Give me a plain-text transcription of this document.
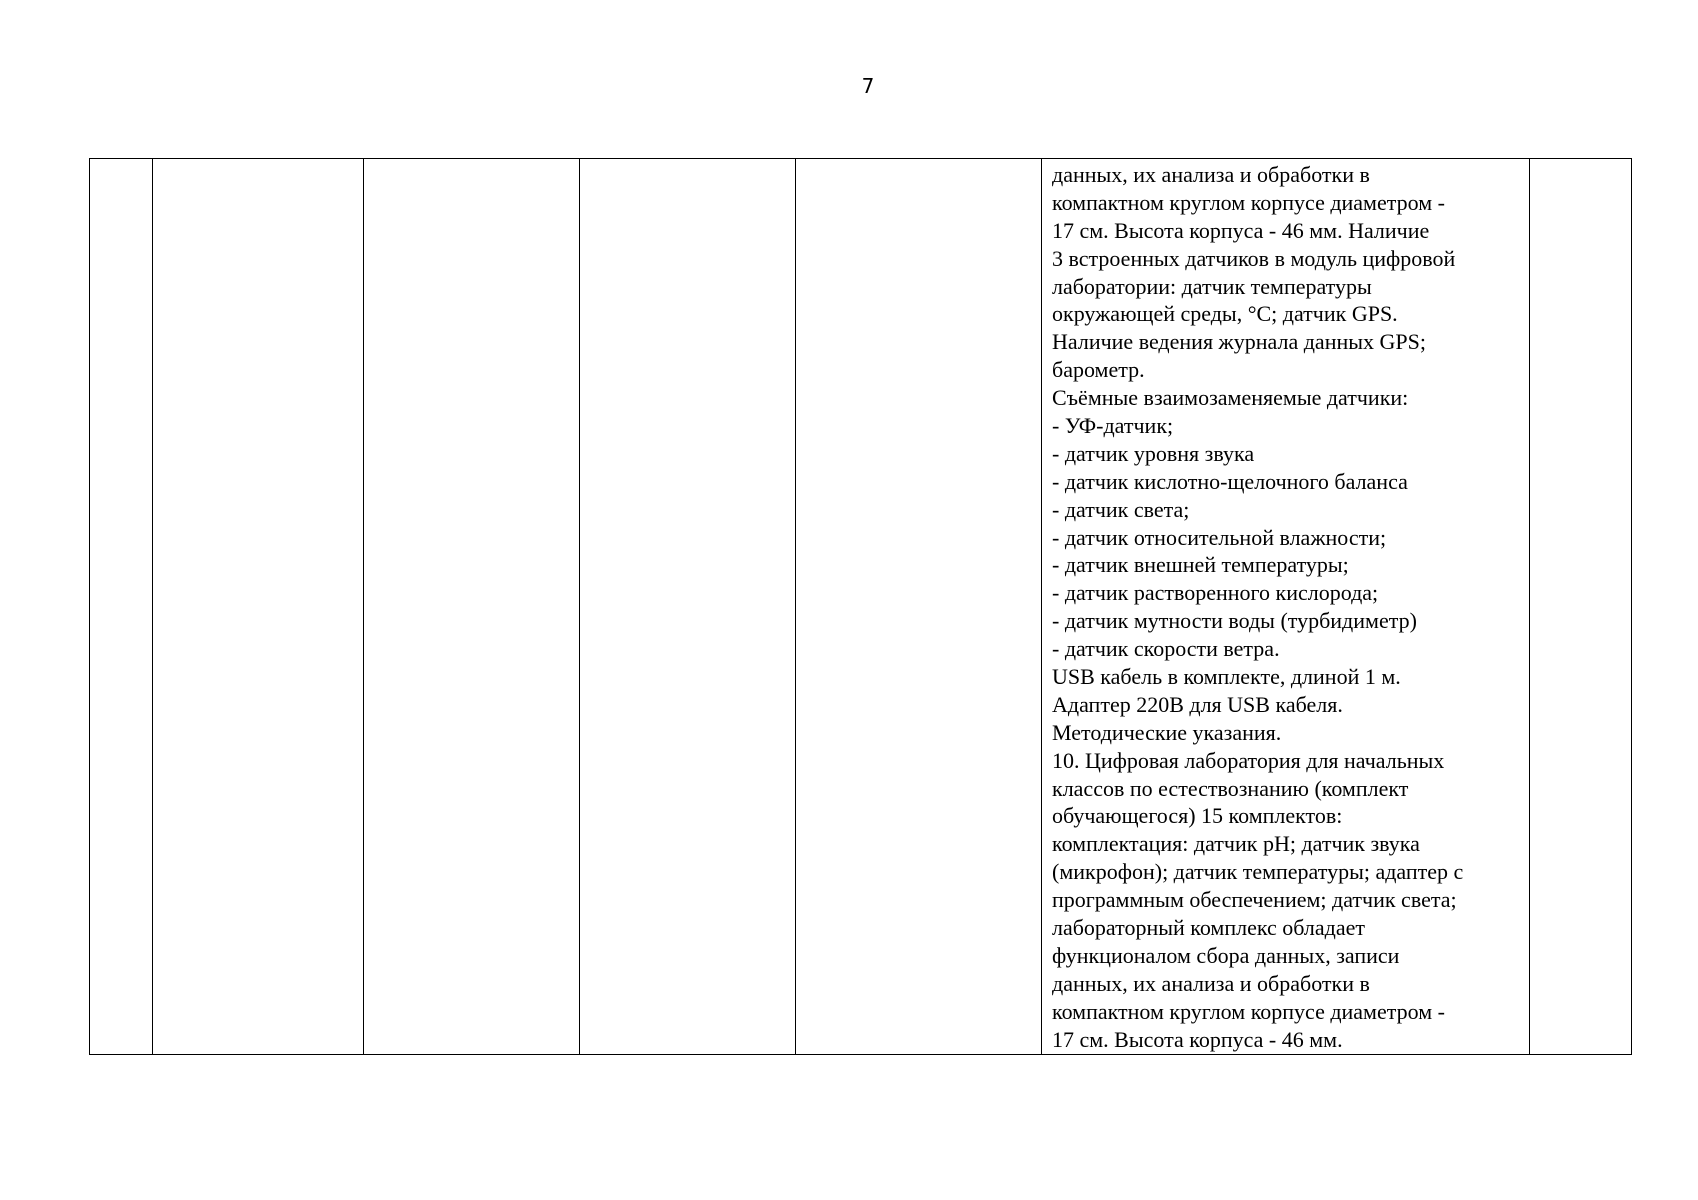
7

данных, их анализа и обработки в
компактном круглом корпусе диаметром -
17 см. Высота корпуса - 46 мм. Наличие
3 встроенных датчиков в модуль цифровой
лаборатории: датчик температуры
окружающей среды, °С; датчик GPS.
Наличие ведения журнала данных GPS;
барометр.
Съёмные взаимозаменяемые датчики:
- УФ-датчик;
- датчик уровня звука
- датчик кислотно-щелочного баланса
- датчик света;
- датчик относительной влажности;
- датчик внешней температуры;
- датчик растворенного кислорода;
- датчик мутности воды (турбидиметр)
- датчик скорости ветра.
USB кабель в комплекте, длиной 1 м.
Адаптер 220В для USB кабеля.
Методические указания.
10. Цифровая лаборатория для начальных
классов по естествознанию (комплект
обучающегося) 15 комплектов:
комплектация: датчик рН; датчик звука
(микрофон); датчик температуры; адаптер с
программным обеспечением; датчик света;
лабораторный комплекс обладает
функционалом сбора данных, записи
данных, их анализа и обработки в
компактном круглом корпусе диаметром -
17 см. Высота корпуса - 46 мм.
